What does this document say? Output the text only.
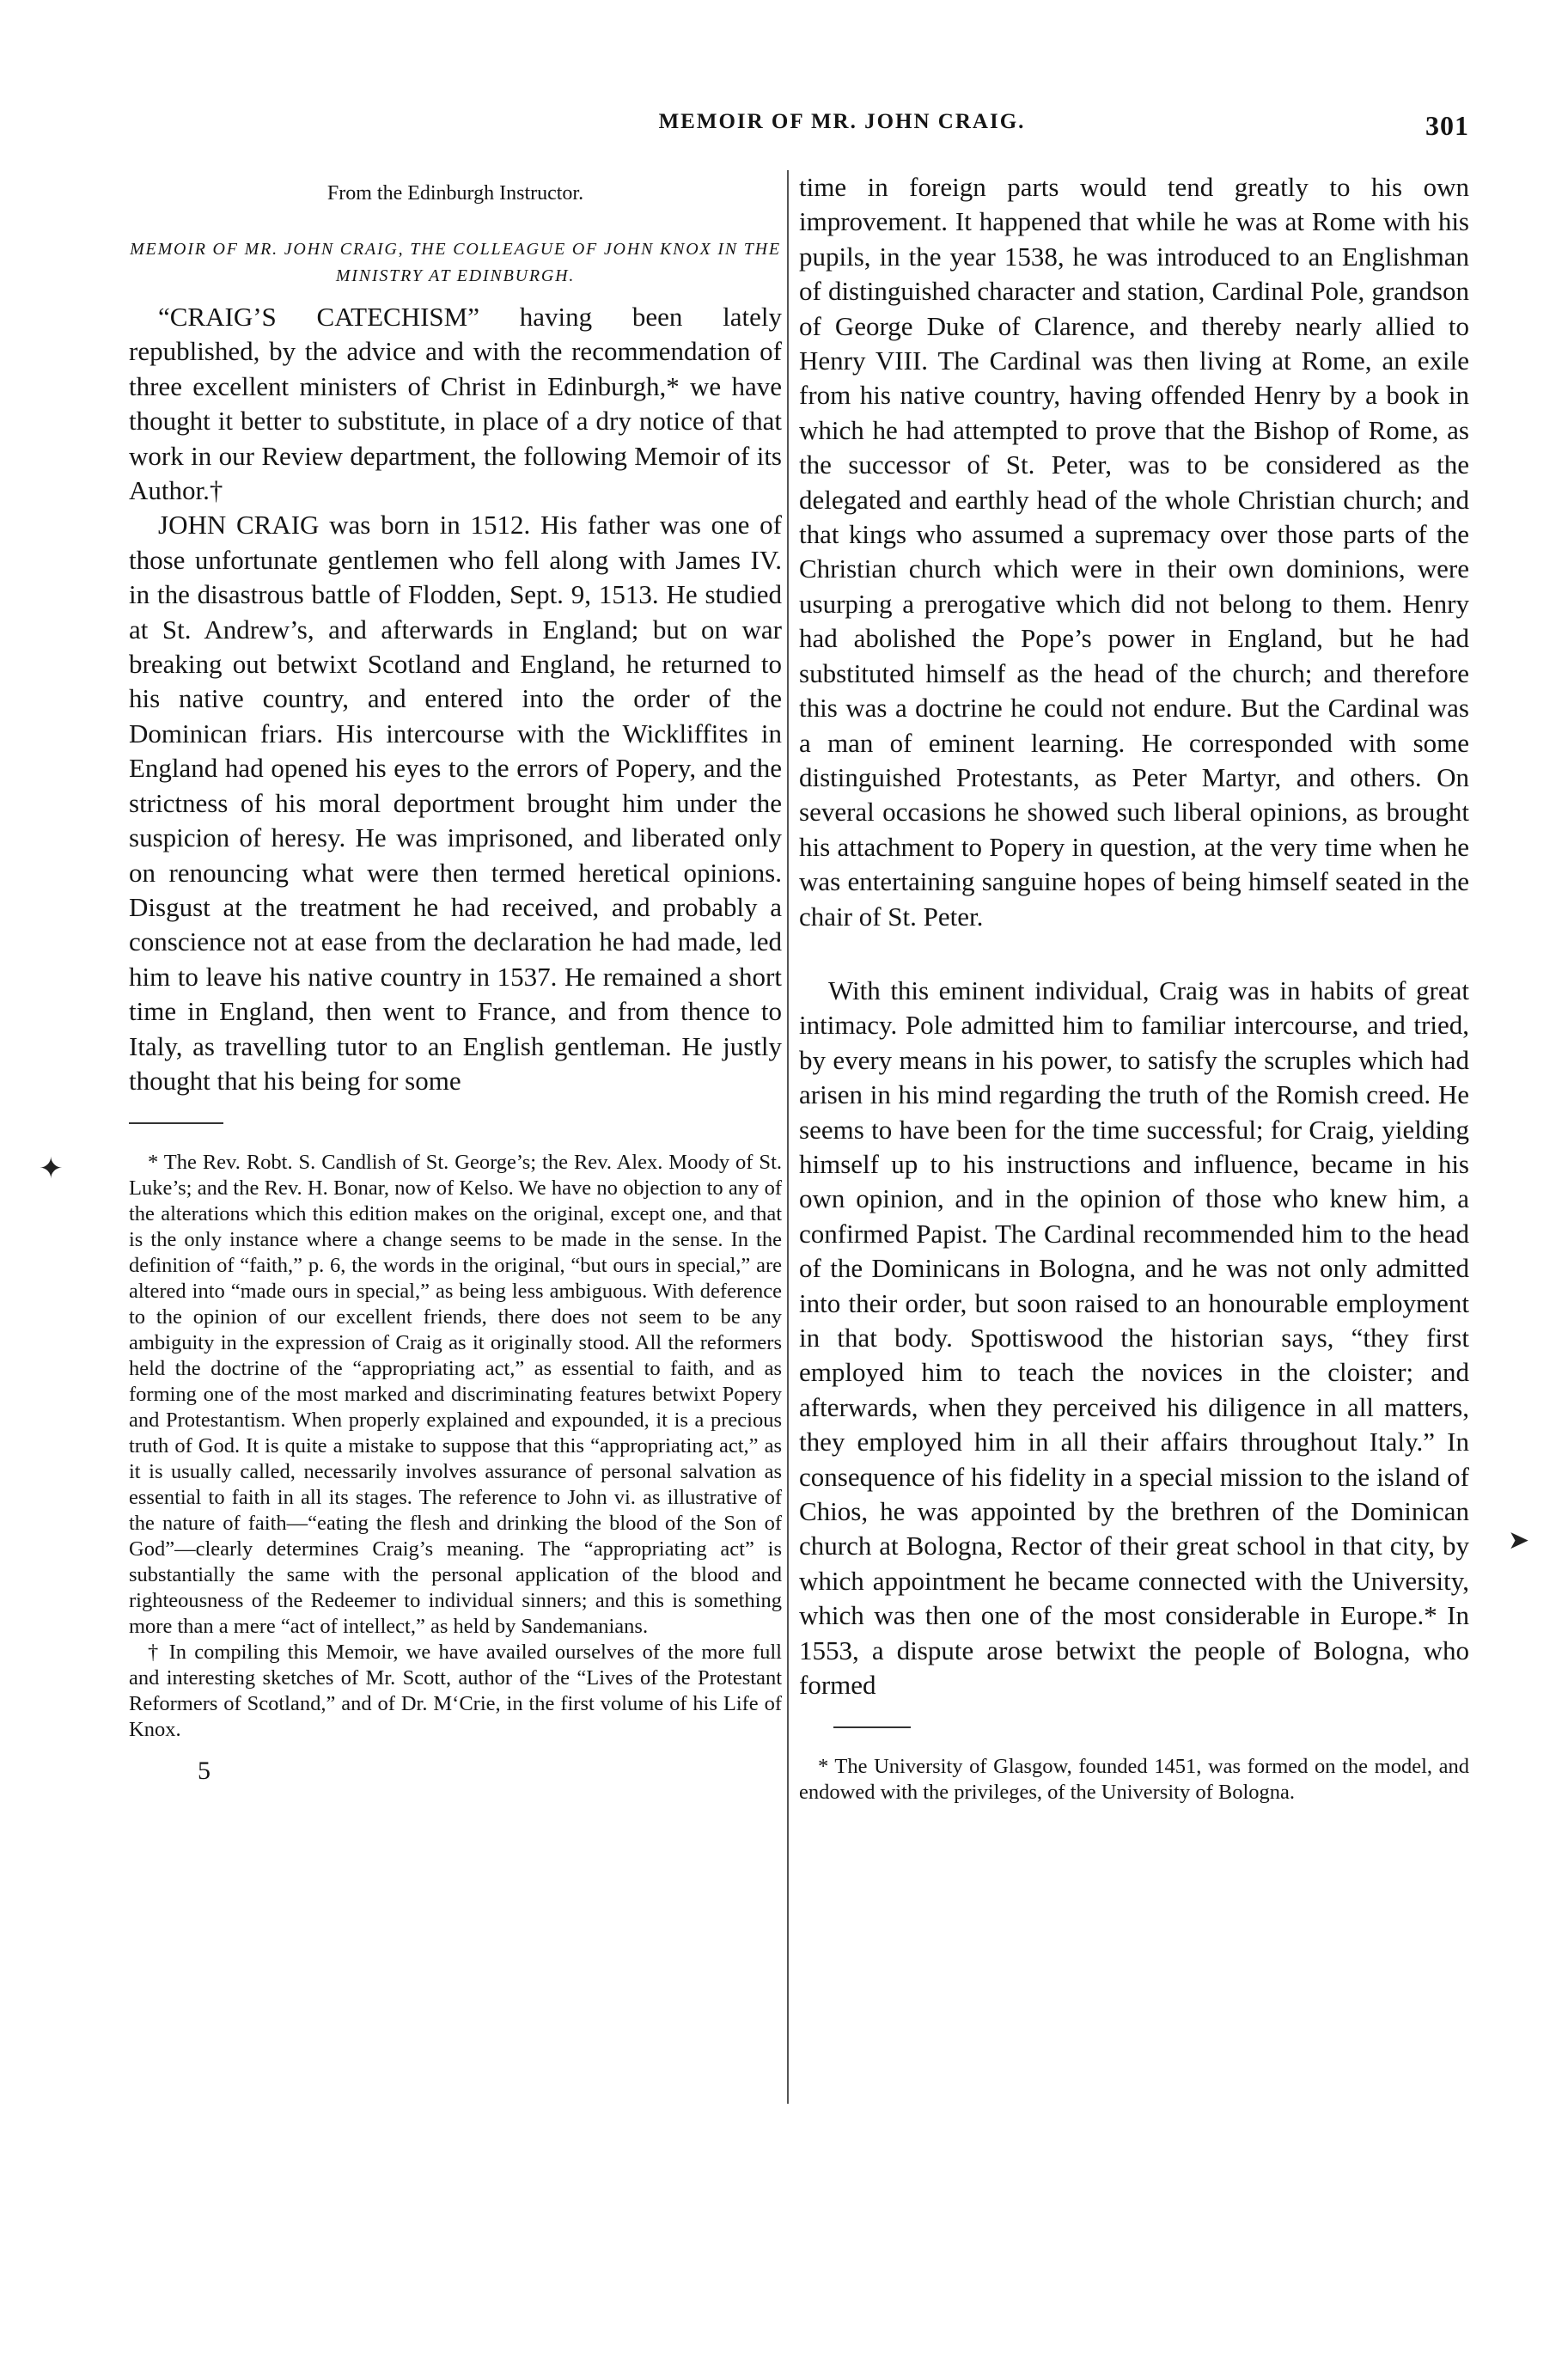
MEMOIR OF MR. JOHN CRAIG.	301

From the Edinburgh Instructor.

MEMOIR OF MR. JOHN CRAIG, THE COLLEAGUE OF JOHN KNOX IN THE MINISTRY AT EDINBURGH.

“CRAIG’S CATECHISM” having been lately republished, by the advice and with the recommendation of three excellent ministers of Christ in Edinburgh,* we have thought it better to substitute, in place of a dry notice of that work in our Review department, the following Memoir of its Author.†

JOHN CRAIG was born in 1512. His father was one of those unfortunate gentlemen who fell along with James IV. in the disastrous battle of Flodden, Sept. 9, 1513. He studied at St. Andrew’s, and afterwards in England; but on war breaking out betwixt Scotland and England, he returned to his native country, and entered into the order of the Dominican friars. His intercourse with the Wickliffites in England had opened his eyes to the errors of Popery, and the strictness of his moral deportment brought him under the suspicion of heresy. He was imprisoned, and liberated only on renouncing what were then termed heretical opinions. Disgust at the treatment he had received, and probably a conscience not at ease from the declaration he had made, led him to leave his native country in 1537. He remained a short time in England, then went to France, and from thence to Italy, as travelling tutor to an English gentleman. He justly thought that his being for some

* The Rev. Robt. S. Candlish of St. George’s; the Rev. Alex. Moody of St. Luke’s; and the Rev. H. Bonar, now of Kelso. We have no objection to any of the alterations which this edition makes on the original, except one, and that is the only instance where a change seems to be made in the sense. In the definition of “faith,” p. 6, the words in the original, “but ours in special,” are altered into “made ours in special,” as being less ambiguous. With deference to the opinion of our excellent friends, there does not seem to be any ambiguity in the expression of Craig as it originally stood. All the reformers held the doctrine of the “appropriating act,” as essential to faith, and as forming one of the most marked and discriminating features betwixt Popery and Protestantism. When properly explained and expounded, it is a precious truth of God. It is quite a mistake to suppose that this “appropriating act,” as it is usually called, necessarily involves assurance of personal salvation as essential to faith in all its stages. The reference to John vi. as illustrative of the nature of faith—“eating the flesh and drinking the blood of the Son of God”—clearly determines Craig’s meaning. The “appropriating act” is substantially the same with the personal application of the blood and righteousness of the Redeemer to individual sinners; and this is something more than a mere “act of intellect,” as held by Sandemanians.

† In compiling this Memoir, we have availed ourselves of the more full and interesting sketches of Mr. Scott, author of the “Lives of the Protestant Reformers of Scotland,” and of Dr. M‘Crie, in the first volume of his Life of Knox.

5

time in foreign parts would tend greatly to his own improvement. It happened that while he was at Rome with his pupils, in the year 1538, he was introduced to an Englishman of distinguished character and station, Cardinal Pole, grandson of George Duke of Clarence, and thereby nearly allied to Henry VIII. The Cardinal was then living at Rome, an exile from his native country, having offended Henry by a book in which he had attempted to prove that the Bishop of Rome, as the successor of St. Peter, was to be considered as the delegated and earthly head of the whole Christian church; and that kings who assumed a supremacy over those parts of the Christian church which were in their own dominions, were usurping a prerogative which did not belong to them. Henry had abolished the Pope’s power in England, but he had substituted himself as the head of the church; and therefore this was a doctrine he could not endure. But the Cardinal was a man of eminent learning. He corresponded with some distinguished Protestants, as Peter Martyr, and others. On several occasions he showed such liberal opinions, as brought his attachment to Popery in question, at the very time when he was entertaining sanguine hopes of being himself seated in the chair of St. Peter.

With this eminent individual, Craig was in habits of great intimacy. Pole admitted him to familiar intercourse, and tried, by every means in his power, to satisfy the scruples which had arisen in his mind regarding the truth of the Romish creed. He seems to have been for the time successful; for Craig, yielding himself up to his instructions and influence, became in his own opinion, and in the opinion of those who knew him, a confirmed Papist. The Cardinal recommended him to the head of the Dominicans in Bologna, and he was not only admitted into their order, but soon raised to an honourable employment in that body. Spottiswood the historian says, “they first employed him to teach the novices in the cloister; and afterwards, when they perceived his diligence in all matters, they employed him in all their affairs throughout Italy.” In consequence of his fidelity in a special mission to the island of Chios, he was appointed by the brethren of the Dominican church at Bologna, Rector of their great school in that city, by which appointment he became connected with the University, which was then one of the most considerable in Europe.* In 1553, a dispute arose betwixt the people of Bologna, who formed

* The University of Glasgow, founded 1451, was formed on the model, and endowed with the privileges, of the University of Bologna.

✦
➤
